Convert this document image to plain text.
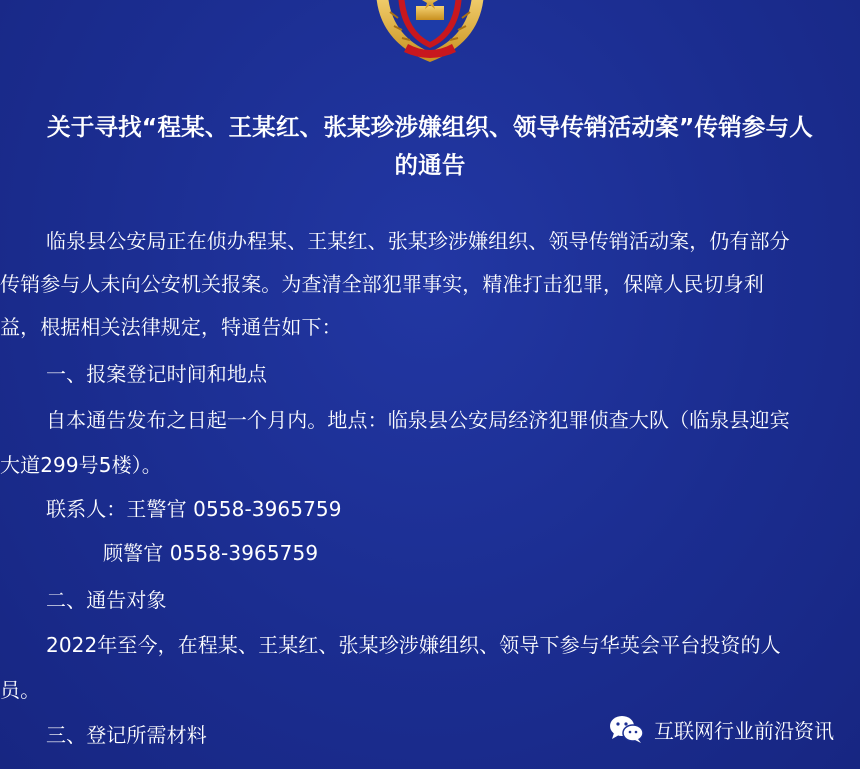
关于寻找“程某、王某红、张某珍涉嫌组织、领导传销活动案”传销参与人
的通告
临泉县公安局正在侦办程某、王某红、张某珍涉嫌组织、领导传销活动案，仍有部分
传销参与人未向公安机关报案。为查清全部犯罪事实，精准打击犯罪，保障人民切身利
益，根据相关法律规定，特通告如下：
一、报案登记时间和地点
自本通告发布之日起一个月内。地点：临泉县公安局经济犯罪侦查大队（临泉县迎宾
大道299号5楼）。
联系人：王警官 0558-3965759
顾警官 0558-3965759
二、通告对象
2022年至今，在程某、王某红、张某珍涉嫌组织、领导下参与华英会平台投资的人
员。
三、登记所需材料	互联网行业前沿资讯
